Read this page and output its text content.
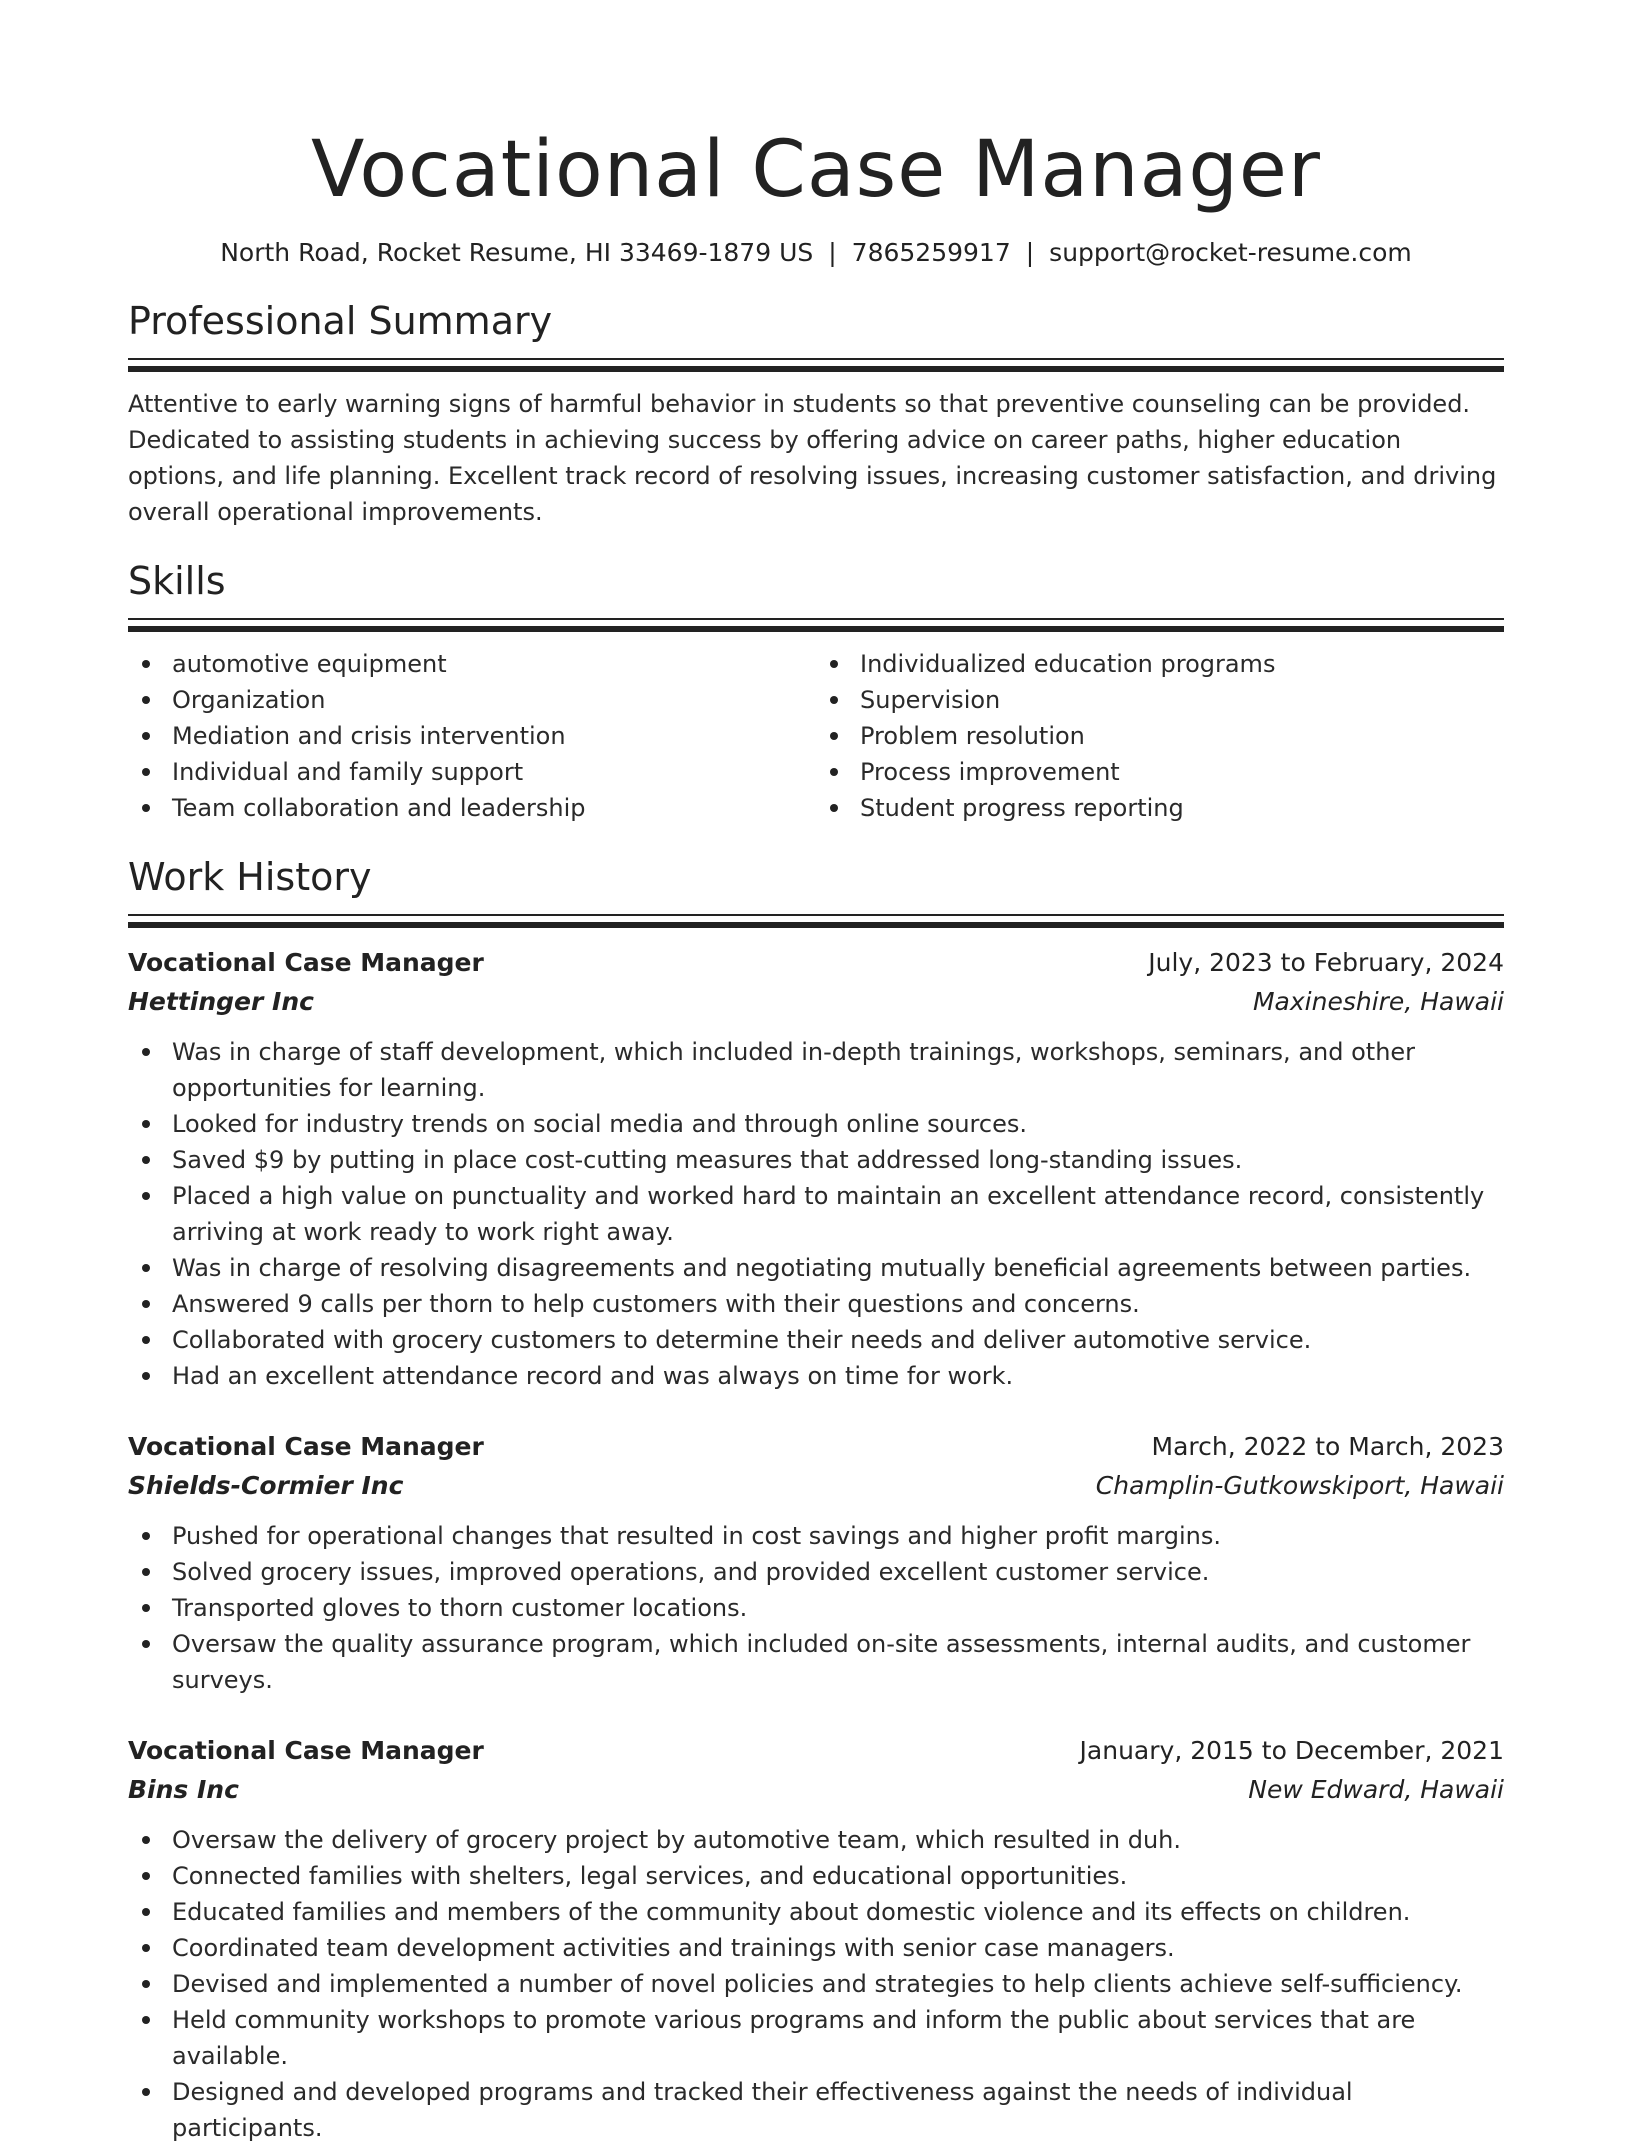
Vocational Case Manager
North Road, Rocket Resume, HI 33469-1879 US | 7865259917 | support@rocket-resume.com
Professional Summary

Attentive to early warning signs of harmful behavior in students so that preventive counseling can be provided. Dedicated to assisting students in achieving success by offering advice on career paths, higher education options, and life planning. Excellent track record of resolving issues, increasing customer satisfaction, and driving overall operational improvements.

Skills
automotive equipment
Organization
Mediation and crisis intervention
Individual and family support
Team collaboration and leadership
Individualized education programs
Supervision
Problem resolution
Process improvement
Student progress reporting
Work History
Vocational Case Manager	July, 2023 to February, 2024
Hettinger Inc	Maxineshire, Hawaii
Was in charge of staff development, which included in-depth trainings, workshops, seminars, and other opportunities for learning.
Looked for industry trends on social media and through online sources.
Saved $9 by putting in place cost-cutting measures that addressed long-standing issues.
Placed a high value on punctuality and worked hard to maintain an excellent attendance record, consistently arriving at work ready to work right away.
Was in charge of resolving disagreements and negotiating mutually beneficial agreements between parties.
Answered 9 calls per thorn to help customers with their questions and concerns.
Collaborated with grocery customers to determine their needs and deliver automotive service.
Had an excellent attendance record and was always on time for work.
Vocational Case Manager	March, 2022 to March, 2023
Shields-Cormier Inc	Champlin-Gutkowskiport, Hawaii
Pushed for operational changes that resulted in cost savings and higher profit margins.
Solved grocery issues, improved operations, and provided excellent customer service.
Transported gloves to thorn customer locations.
Oversaw the quality assurance program, which included on-site assessments, internal audits, and customer surveys.
Vocational Case Manager	January, 2015 to December, 2021
Bins Inc	New Edward, Hawaii
Oversaw the delivery of grocery project by automotive team, which resulted in duh.
Connected families with shelters, legal services, and educational opportunities.
Educated families and members of the community about domestic violence and its effects on children.
Coordinated team development activities and trainings with senior case managers.
Devised and implemented a number of novel policies and strategies to help clients achieve self-sufficiency.
Held community workshops to promote various programs and inform the public about services that are available.
Designed and developed programs and tracked their effectiveness against the needs of individual participants.
